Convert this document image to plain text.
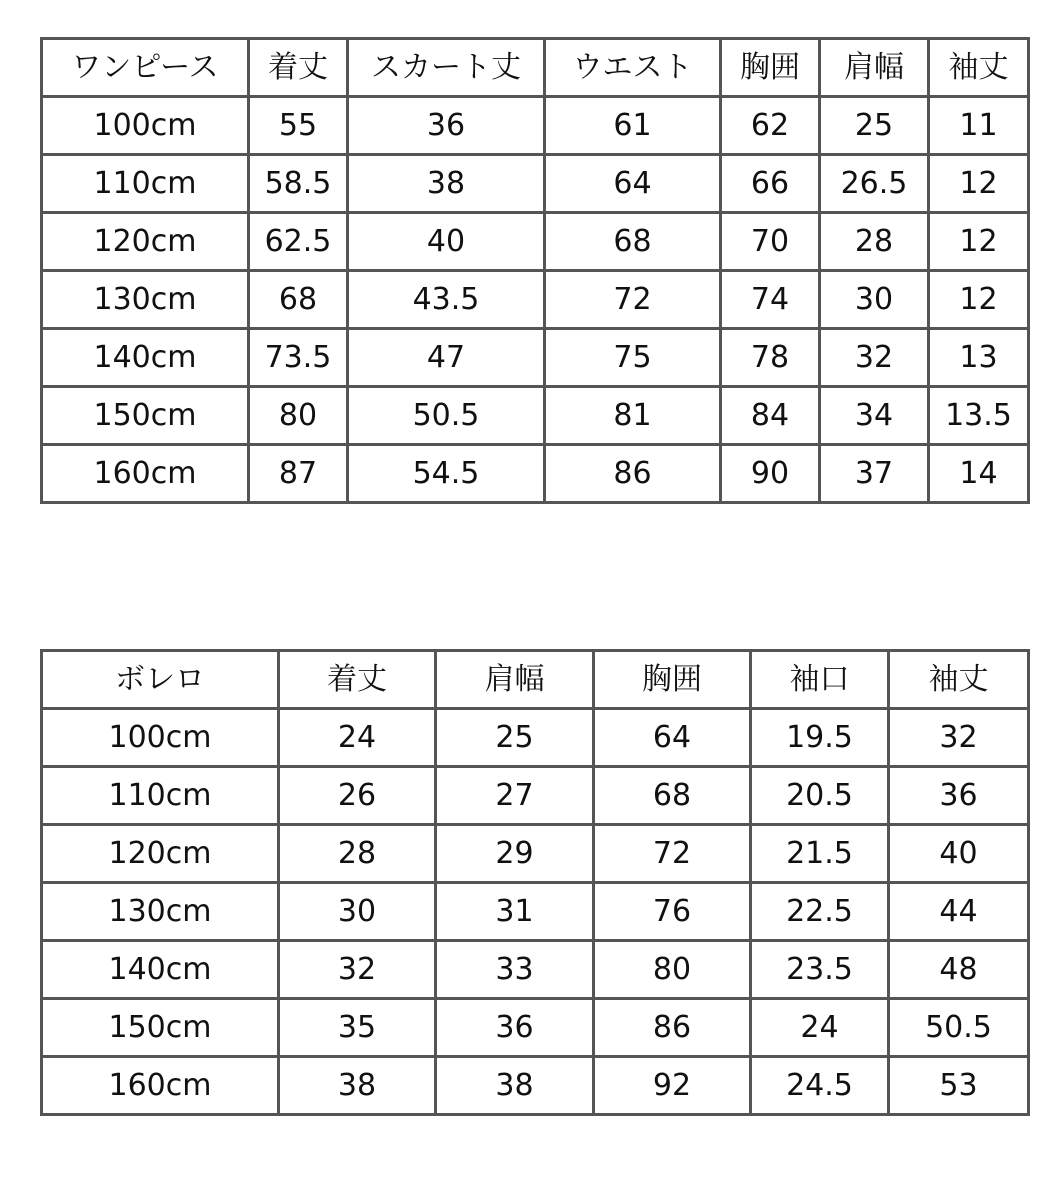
ワンピース	着丈	スカート丈	ウエスト	胸囲	肩幅	袖丈
100cm	55	36	61	62	25	11
110cm	58.5	38	64	66	26.5	12
120cm	62.5	40	68	70	28	12
130cm	68	43.5	72	74	30	12
140cm	73.5	47	75	78	32	13
150cm	80	50.5	81	84	34	13.5
160cm	87	54.5	86	90	37	14
ボレロ	着丈	肩幅	胸囲	袖口	袖丈
100cm	24	25	64	19.5	32
110cm	26	27	68	20.5	36
120cm	28	29	72	21.5	40
130cm	30	31	76	22.5	44
140cm	32	33	80	23.5	48
150cm	35	36	86	24	50.5
160cm	38	38	92	24.5	53
